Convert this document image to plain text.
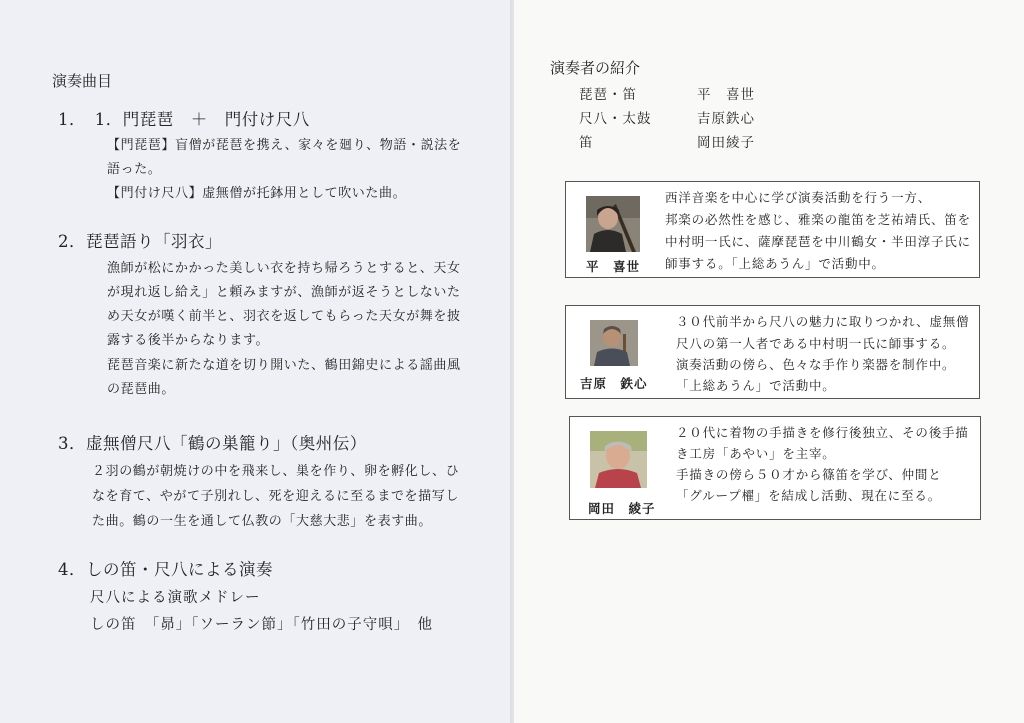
演奏曲目
1．　1．門琵琶　＋　門付け尺八
【門琵琶】盲僧が琵琶を携え、家々を廻り、物語・説法を
語った。
【門付け尺八】虚無僧が托鉢用として吹いた曲。
2．琵琶語り「羽衣」
漁師が松にかかった美しい衣を持ち帰ろうとすると、天女
が現れ返し給え」と頼みますが、漁師が返そうとしないた
め天女が嘆く前半と、羽衣を返してもらった天女が舞を披
露する後半からなります。
琵琶音楽に新たな道を切り開いた、鶴田錦史による謡曲風
の琵琶曲。
3．虚無僧尺八「鶴の巣籠り」（奥州伝）
２羽の鶴が朝焼けの中を飛来し、巣を作り、卵を孵化し、ひ
なを育て、やがて子別れし、死を迎えるに至るまでを描写し
た曲。鶴の一生を通して仏教の「大慈大悲」を表す曲。
4．しの笛・尺八による演奏
尺八による演歌メドレー
しの笛　「昴」「ソーラン節」「竹田の子守唄」　他
演奏者の紹介
琵琶・笛	平　喜世
尺八・太鼓	吉原鉄心
笛	岡田綾子
平　喜世
西洋音楽を中心に学び演奏活動を行う一方、
邦楽の必然性を感じ、雅楽の龍笛を芝祐靖氏、笛を
中村明一氏に、薩摩琵琶を中川鶴女・半田淳子氏に
師事する。「上総あうん」で活動中。
吉原　鉄心
３０代前半から尺八の魅力に取りつかれ、虚無僧
尺八の第一人者である中村明一氏に師事する。
演奏活動の傍ら、色々な手作り楽器を制作中。
「上総あうん」で活動中。
岡田　綾子
２０代に着物の手描きを修行後独立、その後手描
き工房「あやい」を主宰。
手描きの傍ら５０才から篠笛を学び、仲間と
「グループ櫂」を結成し活動、現在に至る。
